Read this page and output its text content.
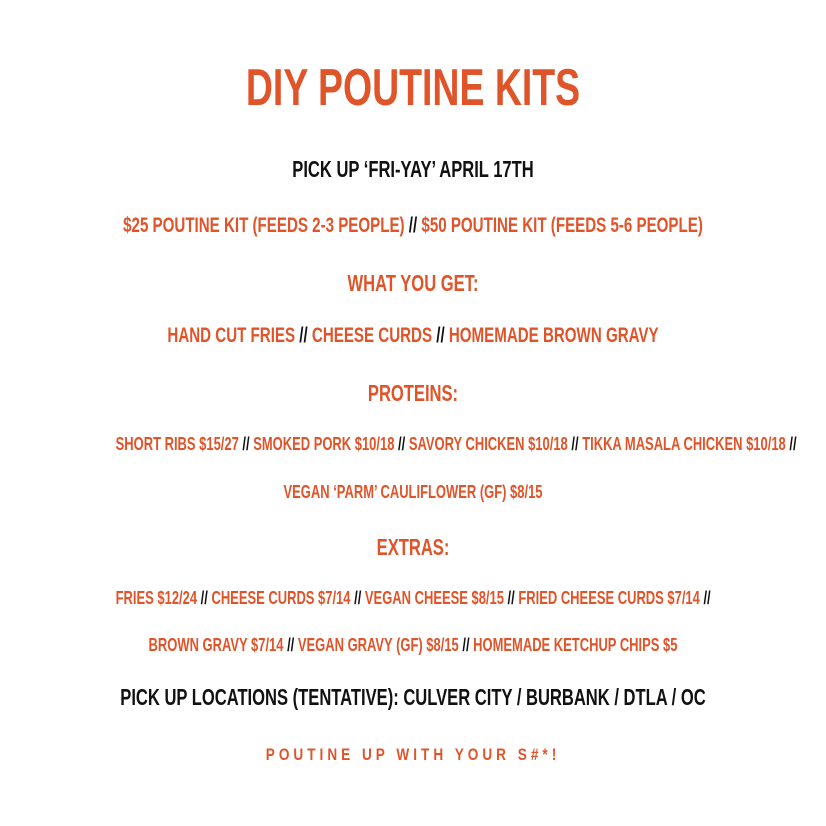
DIY POUTINE KITS
PICK UP ‘FRI-YAY’ APRIL 17TH
$25 POUTINE KIT (FEEDS 2-3 PEOPLE) // $50 POUTINE KIT (FEEDS 5-6 PEOPLE)
WHAT YOU GET:
HAND CUT FRIES // CHEESE CURDS // HOMEMADE BROWN GRAVY
PROTEINS:
SHORT RIBS $15/27 // SMOKED PORK $10/18 // SAVORY CHICKEN $10/18 // TIKKA MASALA CHICKEN $10/18 //
VEGAN ‘PARM’ CAULIFLOWER (GF) $8/15
EXTRAS:
FRIES $12/24 // CHEESE CURDS $7/14 // VEGAN CHEESE $8/15 // FRIED CHEESE CURDS $7/14 //
BROWN GRAVY $7/14 // VEGAN GRAVY (GF) $8/15 // HOMEMADE KETCHUP CHIPS $5
PICK UP LOCATIONS (TENTATIVE): CULVER CITY / BURBANK / DTLA / OC
POUTINE UP WITH YOUR S#*!
